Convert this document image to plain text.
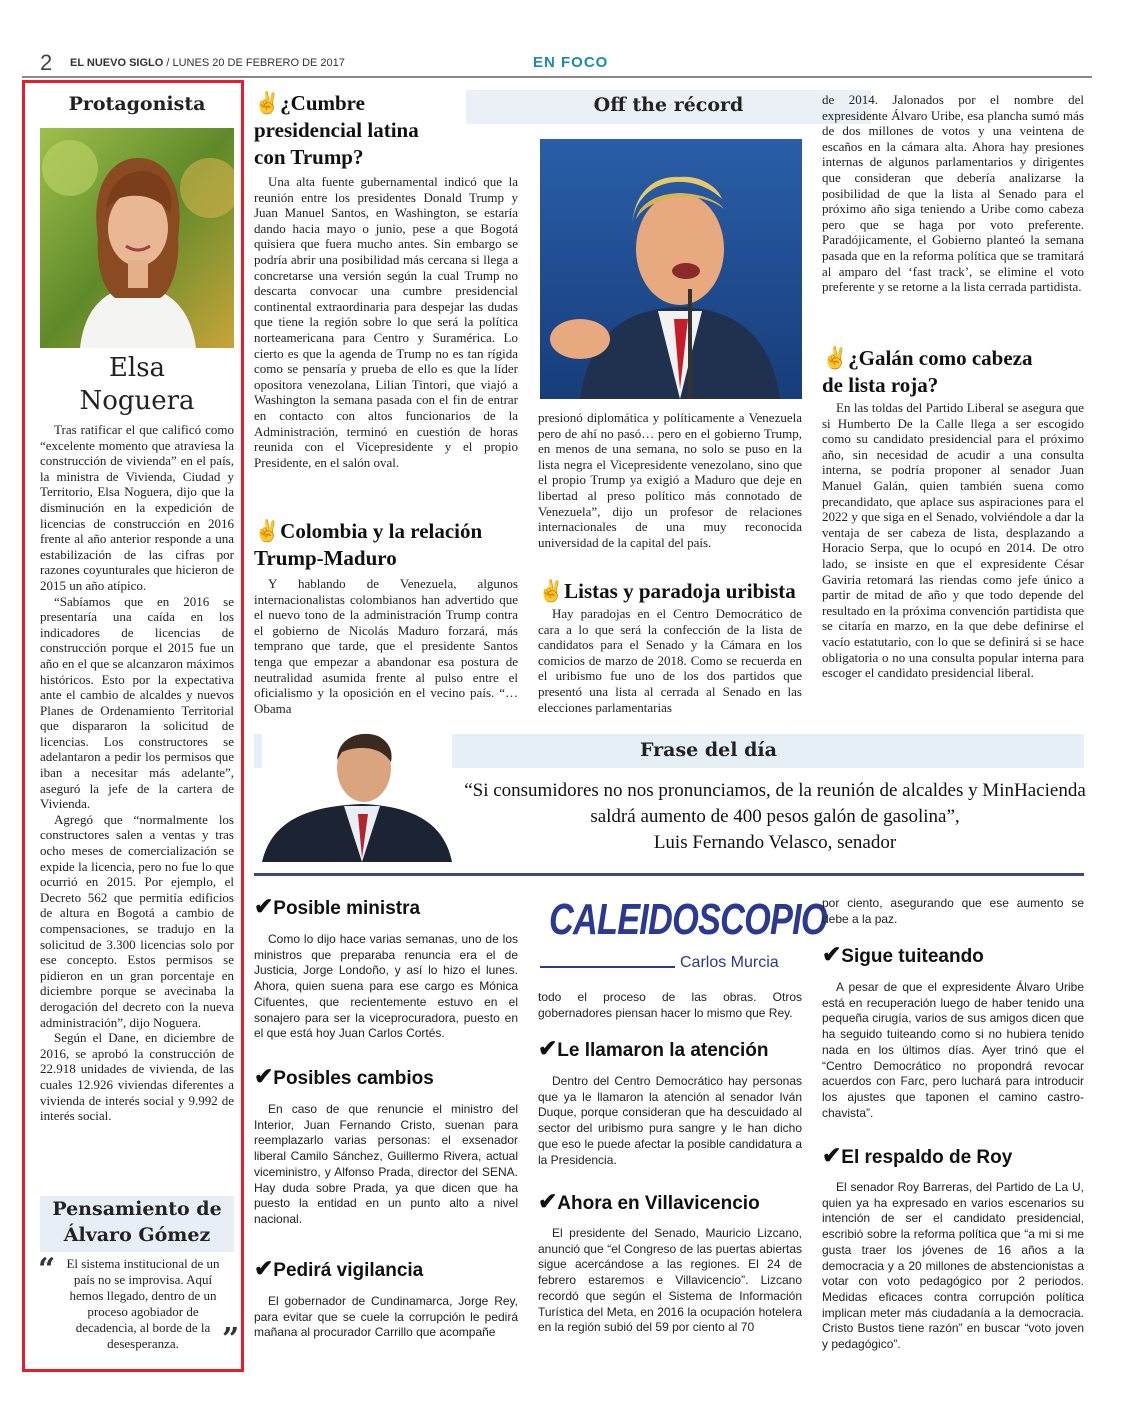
2 EL NUEVO SIGLO / LUNES 20 DE FEBRERO DE 2017	EN FOCO
Protagonista
Elsa
Noguera

Tras ratificar el que calificó como “excelente momento que atraviesa la construcción de vivienda” en el país, la ministra de Vivienda, Ciudad y Territorio, Elsa Noguera, dijo que la disminución en la expedición de licencias de construcción en 2016 frente al año anterior responde a una estabilización de las cifras por razones coyunturales que hicieron de 2015 un año atípico.

“Sabíamos que en 2016 se presentaría una caída en los indicadores de licencias de construcción porque el 2015 fue un año en el que se alcanzaron máximos históricos. Esto por la expectativa ante el cambio de alcaldes y nuevos Planes de Ordenamiento Territorial que dispararon la solicitud de licencias. Los constructores se adelantaron a pedir los permisos que iban a necesitar más adelante”, aseguró la jefe de la cartera de Vivienda.

Agregó que “normalmente los constructores salen a ventas y tras ocho meses de comercialización se expide la licencia, pero no fue lo que ocurrió en 2015. Por ejemplo, el Decreto 562 que permitía edificios de altura en Bogotá a cambio de compensaciones, se tradujo en la solicitud de 3.300 licencias solo por ese concepto. Estos permisos se pidieron en un gran porcentaje en diciembre porque se avecinaba la derogación del decreto con la nueva administración”, dijo Noguera.

Según el Dane, en diciembre de 2016, se aprobó la construcción de 22.918 unidades de vivienda, de las cuales 12.926 viviendas diferentes a vivienda de interés social y 9.992 de interés social.

Pensamiento de
Álvaro Gómez
“ El sistema institucional de un país no se improvisa. Aquí hemos llegado, dentro de un proceso agobiador de decadencia, al borde de la desesperanza.	”
✌¿Cumbre presidencial latina con Trump?

Una alta fuente gubernamental indicó que la reunión entre los presidentes Donald Trump y Juan Manuel Santos, en Washington, se estaría dando hacia mayo o junio, pese a que Bogotá quisiera que fuera mucho antes. Sin embargo se podría abrir una posibilidad más cercana si llega a concretarse una versión según la cual Trump no descarta convocar una cumbre presidencial continental extraordinaria para despejar las dudas que tiene la región sobre lo que será la política norteamericana para Centro y Suramérica. Lo cierto es que la agenda de Trump no es tan rígida como se pensaría y prueba de ello es que la líder opositora venezolana, Lilian Tintori, que viajó a Washington la semana pasada con el fin de entrar en contacto con altos funcionarios de la Administración, terminó en cuestión de horas reunida con el Vicepresidente y el propio Presidente, en el salón oval.

✌Colombia y la relación Trump-Maduro

Y hablando de Venezuela, algunos internacionalistas colombianos han advertido que el nuevo tono de la administración Trump contra el gobierno de Nicolás Maduro forzará, más temprano que tarde, que el presidente Santos tenga que empezar a abandonar esa postura de neutralidad asumida frente al pulso entre el oficialismo y la oposición en el vecino país. “… Obama

Off the récord

presionó diplomática y políticamente a Venezuela pero de ahí no pasó… pero en el gobierno Trump, en menos de una semana, no solo se puso en la lista negra el Vicepresidente venezolano, sino que el propio Trump ya exigió a Maduro que deje en libertad al preso político más connotado de Venezuela”, dijo un profesor de relaciones internacionales de una muy reconocida universidad de la capital del país.

✌Listas y paradoja uribista

Hay paradojas en el Centro Democrático de cara a lo que será la confección de la lista de candidatos para el Senado y la Cámara en los comicios de marzo de 2018. Como se recuerda en el uribismo fue uno de los dos partidos que presentó una lista al cerrada al Senado en las elecciones parlamentarias

de 2014. Jalonados por el nombre del expresidente Álvaro Uribe, esa plancha sumó más de dos millones de votos y una veintena de escaños en la cámara alta. Ahora hay presiones internas de algunos parlamentarios y dirigentes que consideran que debería analizarse la posibilidad de que la lista al Senado para el próximo año siga teniendo a Uribe como cabeza pero que se haga por voto preferente. Paradójicamente, el Gobierno planteó la semana pasada que en la reforma política que se tramitará al amparo del ‘fast track’, se elimine el voto preferente y se retorne a la lista cerrada partidista.

✌¿Galán como cabeza de lista roja?

En las toldas del Partido Liberal se asegura que si Humberto De la Calle llega a ser escogido como su candidato presidencial para el próximo año, sin necesidad de acudir a una consulta interna, se podría proponer al senador Juan Manuel Galán, quien también suena como precandidato, que aplace sus aspiraciones para el 2022 y que siga en el Senado, volviéndole a dar la ventaja de ser cabeza de lista, desplazando a Horacio Serpa, que lo ocupó en 2014. De otro lado, se insiste en que el expresidente César Gaviria retomará las riendas como jefe único a partir de mitad de año y que todo depende del resultado en la próxima convención partidista que se citaría en marzo, en la que debe definirse el vacío estatutario, con lo que se definirá si se hace obligatoria o no una consulta popular interna para escoger el candidato presidencial liberal.

Frase del día
“Si consumidores no nos pronunciamos, de la reunión de alcaldes y MinHacienda
saldrá aumento de 400 pesos galón de gasolina”,
Luis Fernando Velasco, senador
✔Posible ministra

Como lo dijo hace varias semanas, uno de los ministros que preparaba renuncia era el de Justicia, Jorge Londoño, y así lo hizo el lunes. Ahora, quien suena para ese cargo es Mónica Cifuentes, que recientemente estuvo en el sonajero para ser la viceprocuradora, puesto en el que está hoy Juan Carlos Cortés.

✔Posibles cambios

En caso de que renuncie el ministro del Interior, Juan Fernando Cristo, suenan para reemplazarlo varias personas: el exsenador liberal Camilo Sánchez, Guillermo Rivera, actual viceministro, y Alfonso Prada, director del SENA. Hay duda sobre Prada, ya que dicen que ha puesto la entidad en un punto alto a nivel nacional.

✔Pedirá vigilancia

El gobernador de Cundinamarca, Jorge Rey, para evitar que se cuele la corrupción le pedirá mañana al procurador Carrillo que acompañe

CALEIDOSCOPIO
Carlos Murcia

todo el proceso de las obras. Otros gobernadores piensan hacer lo mismo que Rey.

✔Le llamaron la atención

Dentro del Centro Democrático hay personas que ya le llamaron la atención al senador Iván Duque, porque consideran que ha descuidado al sector del uribismo pura sangre y le han dicho que eso le puede afectar la posible candidatura a la Presidencia.

✔Ahora en Villavicencio

El presidente del Senado, Mauricio Lizcano, anunció que “el Congreso de las puertas abiertas sigue acercándose a las regiones. El 24 de febrero estaremos e Villavicencio”. Lizcano recordó que según el Sistema de Información Turística del Meta, en 2016 la ocupación hotelera en la región subió del 59 por ciento al 70

por ciento, asegurando que ese aumento se debe a la paz.

✔Sigue tuiteando

A pesar de que el expresidente Álvaro Uribe está en recuperación luego de haber tenido una pequeña cirugía, varios de sus amigos dicen que ha seguido tuiteando como si no hubiera tenido nada en los últimos días. Ayer trinó que el “Centro Democrático no propondrá revocar acuerdos con Farc, pero luchará para introducir los ajustes que taponen el camino castro-chavista”.

✔El respaldo de Roy

El senador Roy Barreras, del Partido de La U, quien ya ha expresado en varios escenarios su intención de ser el candidato presidencial, escribió sobre la reforma política que “a mi si me gusta traer los jóvenes de 16 años a la democracia y a 20 millones de abstencionistas a votar con voto pedagógico por 2 periodos. Medidas eficaces contra corrupción política implican meter más ciudadanía a la democracia. Cristo Bustos tiene razón” en buscar “voto joven y pedagógico”.
